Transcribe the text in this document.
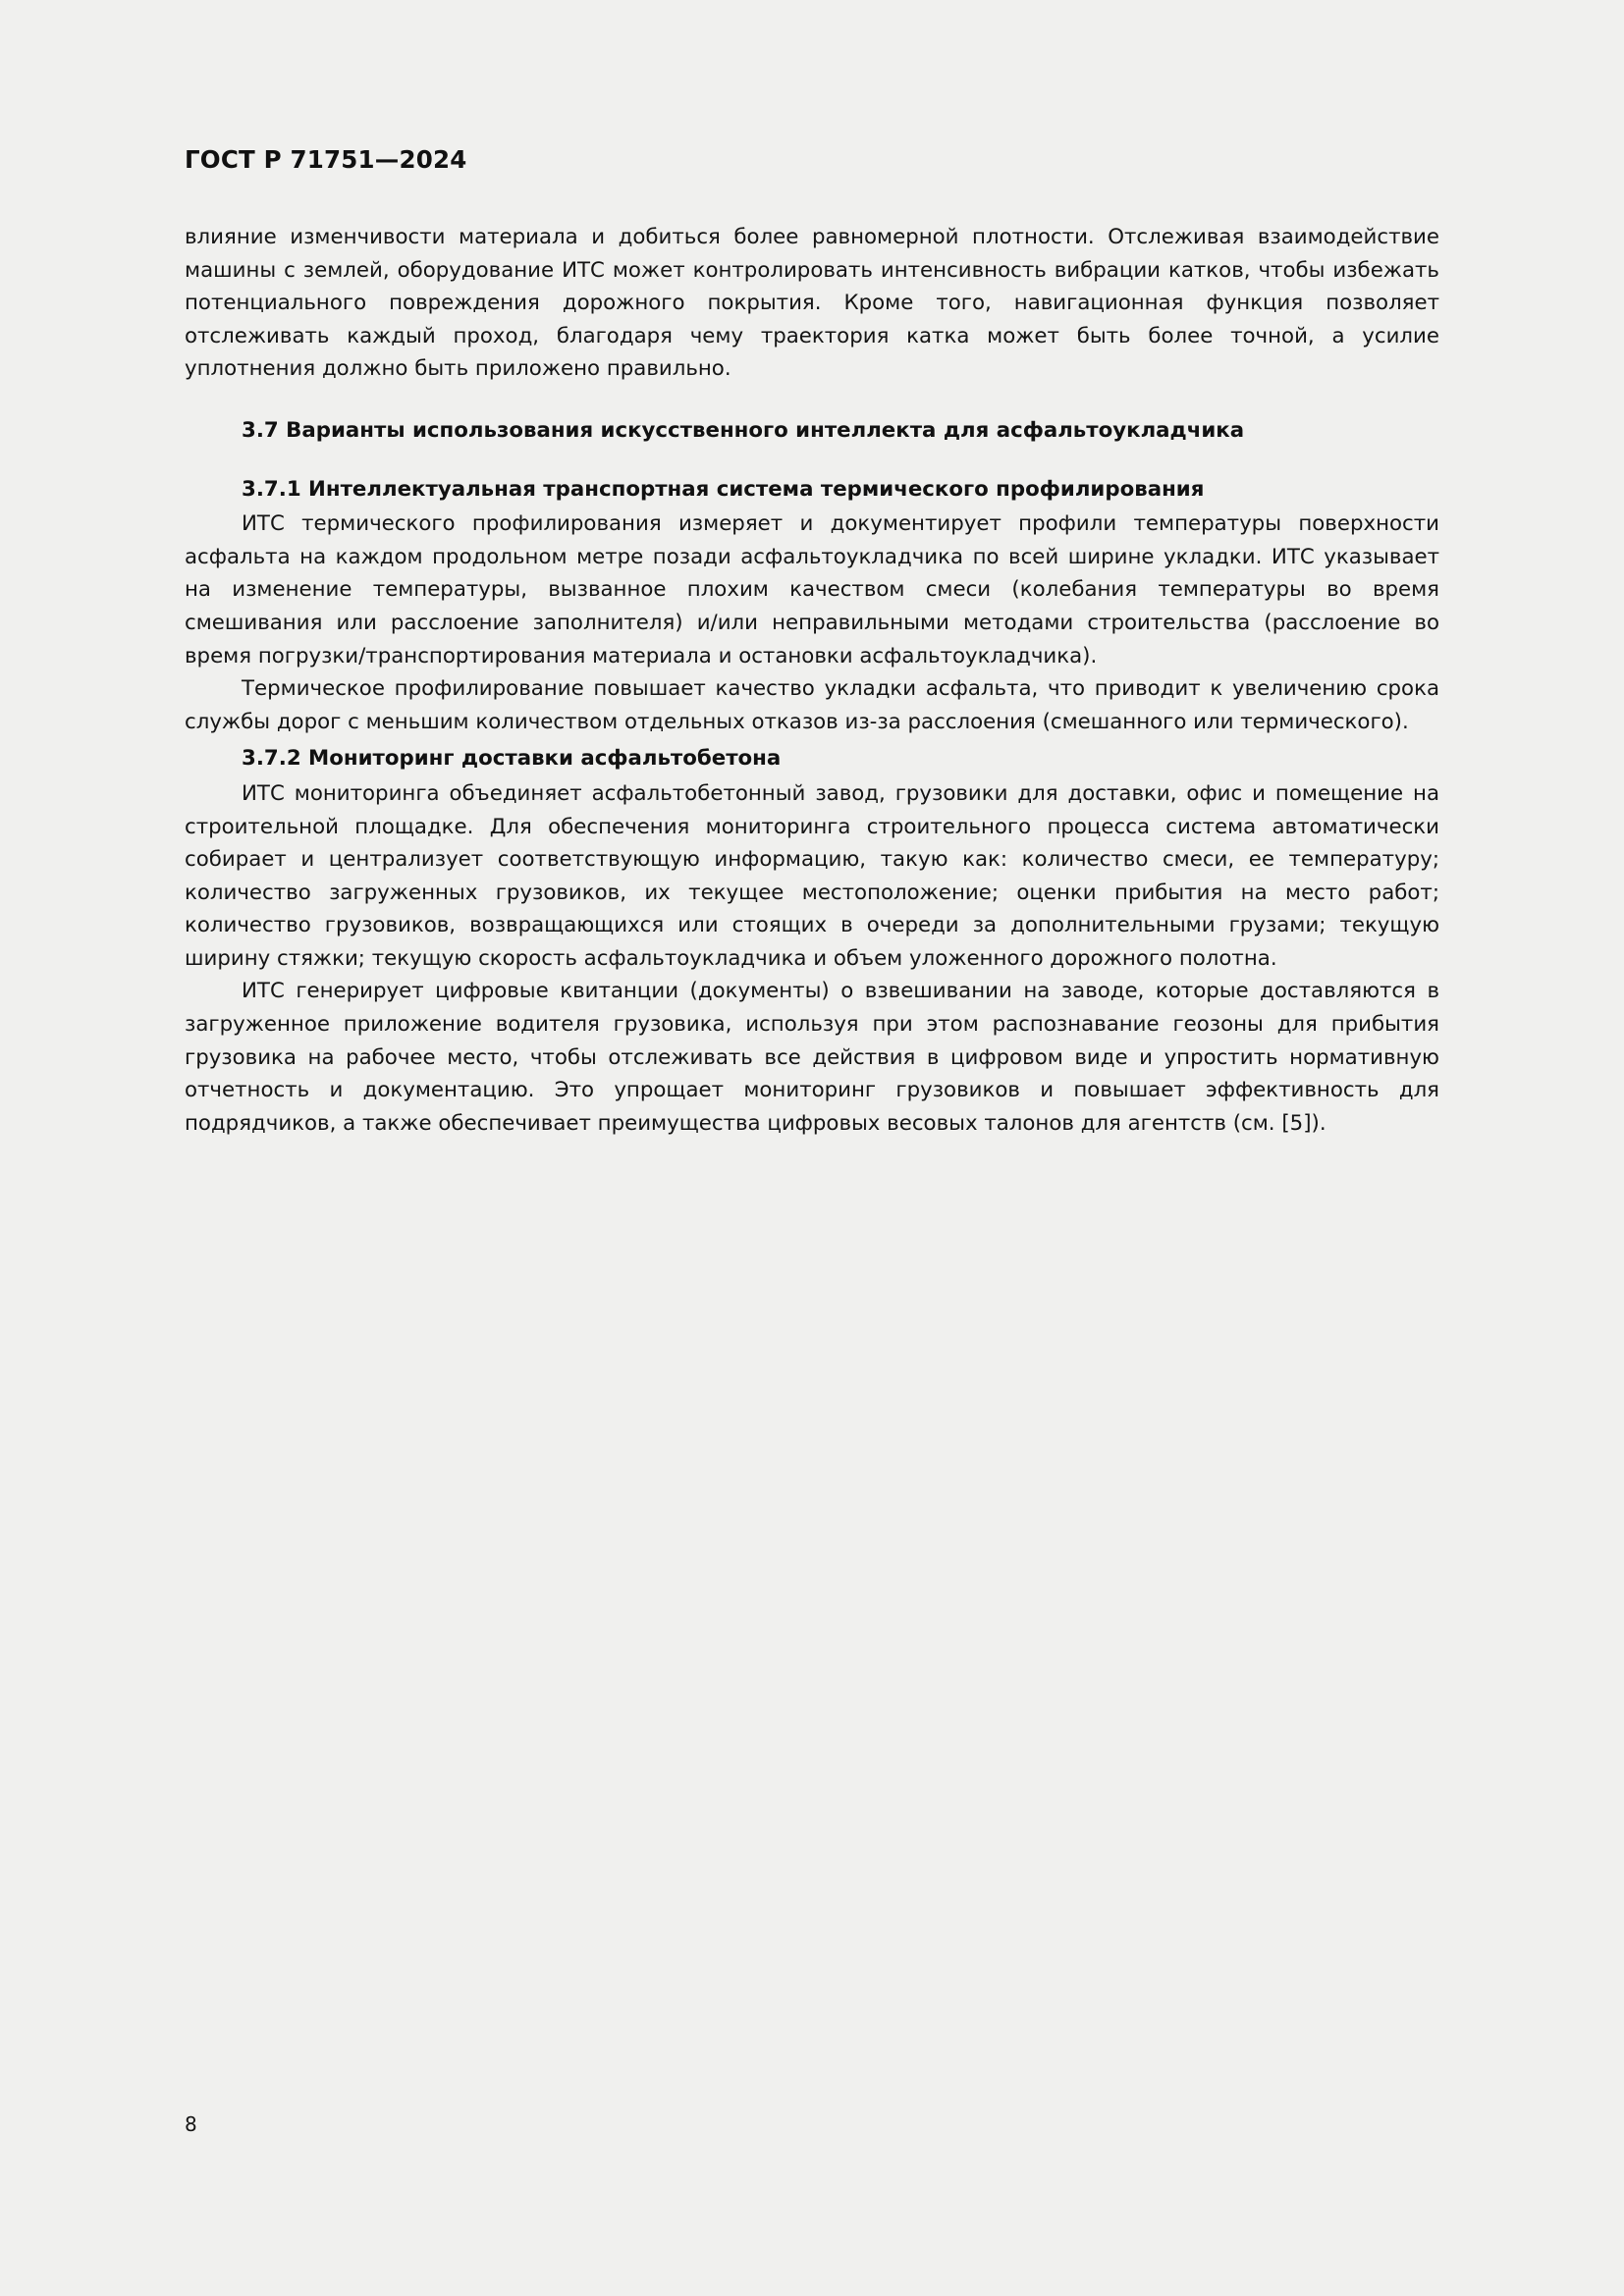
ГОСТ Р 71751—2024

влияние изменчивости материала и добиться более равномерной плотности. Отслеживая взаимодействие машины с землей, оборудование ИТС может контролировать интенсивность вибрации катков, чтобы избежать потенциального повреждения дорожного покрытия. Кроме того, навигационная функция позволяет отслеживать каждый проход, благодаря чему траектория катка может быть более точной, а усилие уплотнения должно быть приложено правильно.

3.7 Варианты использования искусственного интеллекта для асфальтоукладчика
3.7.1 Интеллектуальная транспортная система термического профилирования

ИТС термического профилирования измеряет и документирует профили температуры поверхности асфальта на каждом продольном метре позади асфальтоукладчика по всей ширине укладки. ИТС указывает на изменение температуры, вызванное плохим качеством смеси (колебания температуры во время смешивания или расслоение заполнителя) и/или неправильными методами строительства (расслоение во время погрузки/транспортирования материала и остановки асфальтоукладчика).

Термическое профилирование повышает качество укладки асфальта, что приводит к увеличению срока службы дорог с меньшим количеством отдельных отказов из-за расслоения (смешанного или термического).

3.7.2 Мониторинг доставки асфальтобетона

ИТС мониторинга объединяет асфальтобетонный завод, грузовики для доставки, офис и помещение на строительной площадке. Для обеспечения мониторинга строительного процесса система автоматически собирает и централизует соответствующую информацию, такую как: количество смеси, ее температуру; количество загруженных грузовиков, их текущее местоположение; оценки прибытия на место работ; количество грузовиков, возвращающихся или стоящих в очереди за дополнительными грузами; текущую ширину стяжки; текущую скорость асфальтоукладчика и объем уложенного дорожного полотна.

ИТС генерирует цифровые квитанции (документы) о взвешивании на заводе, которые доставляются в загруженное приложение водителя грузовика, используя при этом распознавание геозоны для прибытия грузовика на рабочее место, чтобы отслеживать все действия в цифровом виде и упростить нормативную отчетность и документацию. Это упрощает мониторинг грузовиков и повышает эффективность для подрядчиков, а также обеспечивает преимущества цифровых весовых талонов для агентств (см. [5]).

8
